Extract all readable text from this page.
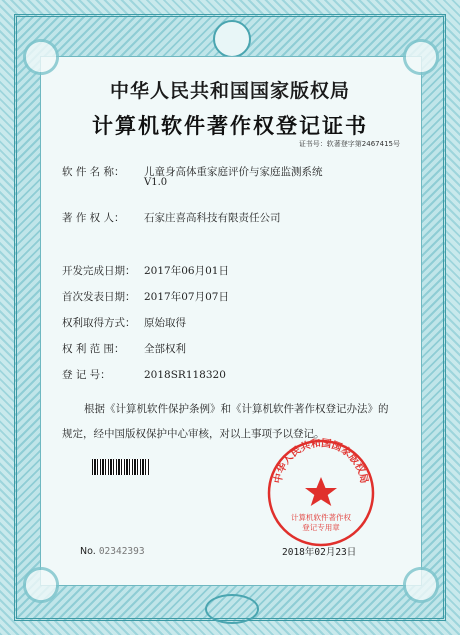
中华人民共和国国家版权局
计算机软件著作权登记证书
证书号：软著登字第2467415号
软 件 名 称： 儿童身高体重家庭评价与家庭监测系统
V1.0
著 作 权 人： 石家庄喜高科技有限责任公司
开发完成日期： 2017年06月01日
首次发表日期： 2017年07月07日
权利取得方式： 原始取得
权 利 范 围： 全部权利
登 记 号：	2018SR118320
根据《计算机软件保护条例》和《计算机软件著作权登记办法》的
规定，经中国版权保护中心审核，对以上事项予以登记。
中华人民共和国国家版权局
计算机软件著作权
登记专用章
No. 02342393	2018年02月23日
